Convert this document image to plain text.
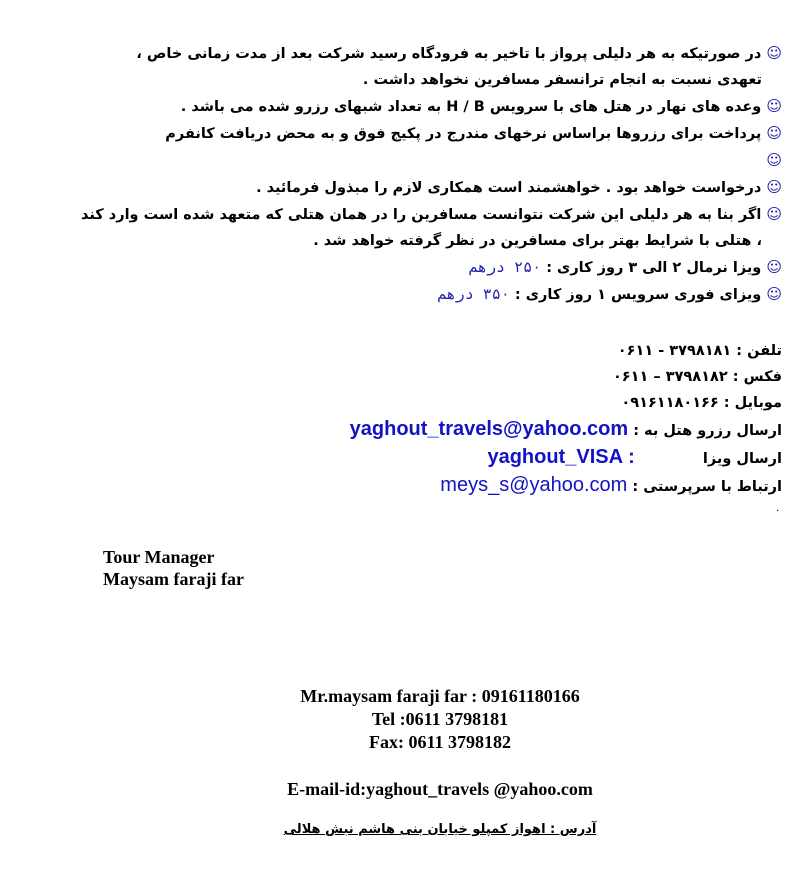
☺ در صورتیکه به هر دلیلی پرواز با تاخیر به فرودگاه رسید شرکت بعد از مدت زمانی خاص ،
تعهدی نسبت به انجام ترانسفر مسافرین نخواهد داشت .
☺ وعده های نهار در هتل های با سرویس H / B به تعداد شبهای رزرو شده می باشد .
☺ پرداخت برای رزروها براساس نرخهای مندرج در پکیج فوق و به محض دریافت کانفرم
☺
☺ درخواست خواهد بود . خواهشمند است همکاری لازم را مبذول فرمائید .
☺ اگر بنا به هر دلیلی این شرکت نتوانست مسافرین را در همان هتلی که متعهد شده است وارد کند
، هتلی با شرایط بهتر برای مسافرین در نظر گرفته خواهد شد .
☺ ویزا نرمال ۲ الی ۳ روز کاری : ۲۵۰ درهم
☺ ویزای فوری سرویس ۱ روز کاری : ۳۵۰ درهم
تلفن : ۳۷۹۸۱۸۱ - ۰۶۱۱
فکس : ۳۷۹۸۱۸۲ – ۰۶۱۱
موبایل : ۰۹۱۶۱۱۸۰۱۶۶
ارسال رزرو هتل به : yaghout_travels@yahoo.com
ارسال ویزا  : yaghout_VISA
ارتباط با سرپرستی : meys_s@yahoo.com
.
Tour Manager
Maysam faraji far
Mr.maysam faraji far : 09161180166
Tel :0611 3798181
Fax: 0611 3798182
E-mail-id:yaghout_travels @yahoo.com
آدرس : اهواز کمپلو خیابان بنی هاشم نبش هلالی
